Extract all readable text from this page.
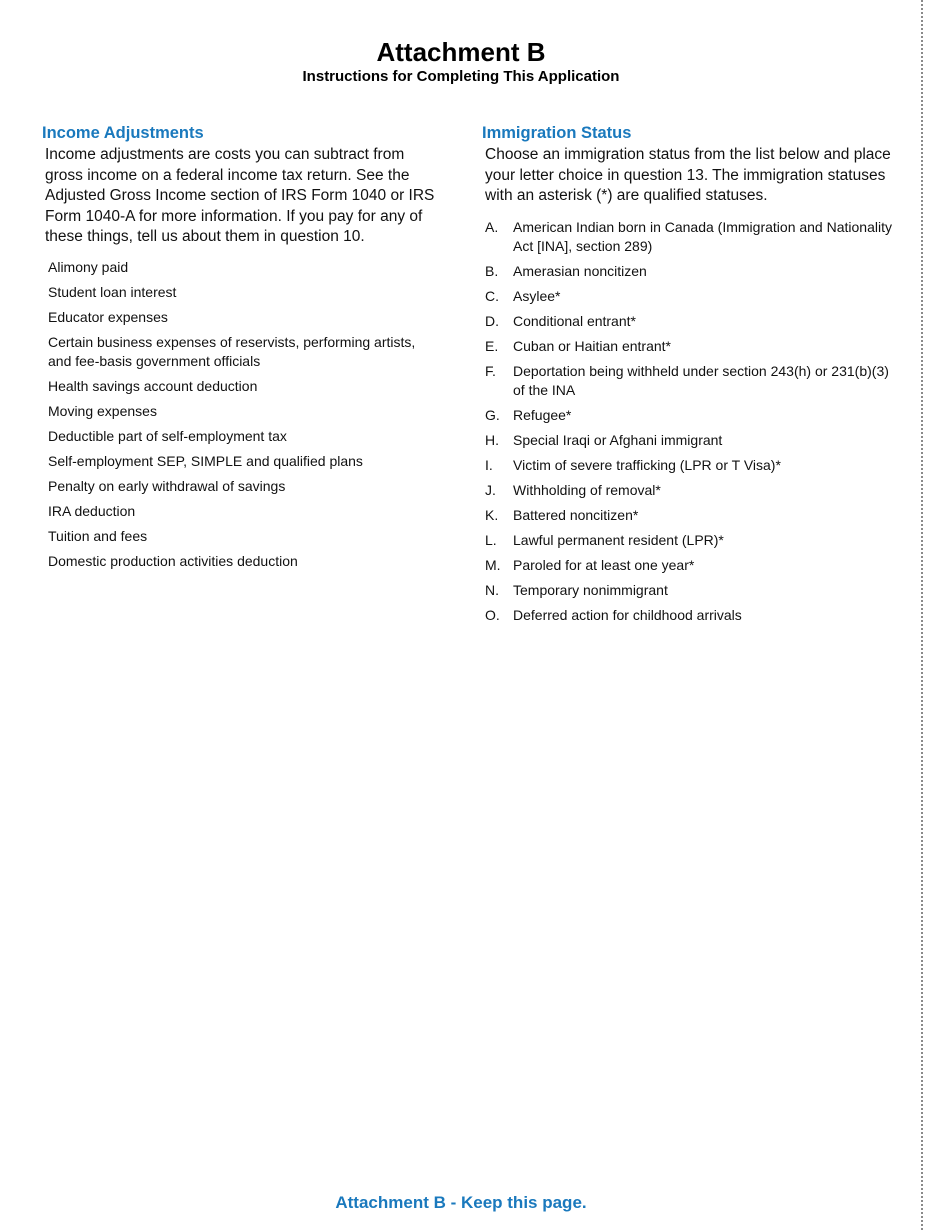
Attachment B
Instructions for Completing This Application
Income Adjustments

Income adjustments are costs you can subtract from gross income on a federal income tax return. See the Adjusted Gross Income section of IRS Form 1040 or IRS Form 1040-A for more information. If you pay for any of these things, tell us about them in question 10.

Alimony paid
Student loan interest
Educator expenses
Certain business expenses of reservists, performing artists, and fee-basis government officials
Health savings account deduction
Moving expenses
Deductible part of self-employment tax
Self-employment SEP, SIMPLE and qualified plans
Penalty on early withdrawal of savings
IRA deduction
Tuition and fees
Domestic production activities deduction
Immigration Status

Choose an immigration status from the list below and place your letter choice in question 13. The immigration statuses with an asterisk (*) are qualified statuses.

A.	American Indian born in Canada (Immigration and Nationality Act [INA], section 289)
B.	Amerasian noncitizen
C.	Asylee*
D.	Conditional entrant*
E.	Cuban or Haitian entrant*
F.	Deportation being withheld under section 243(h) or 231(b)(3) of the INA
G. Refugee*
H.	Special Iraqi or Afghani immigrant
I.	Victim of severe trafficking (LPR or T Visa)*
J.	Withholding of removal*
K.	Battered noncitizen*
L.	Lawful permanent resident (LPR)*
M. Paroled for at least one year*
N.	Temporary nonimmigrant
O. Deferred action for childhood arrivals
Attachment B - Keep this page.
